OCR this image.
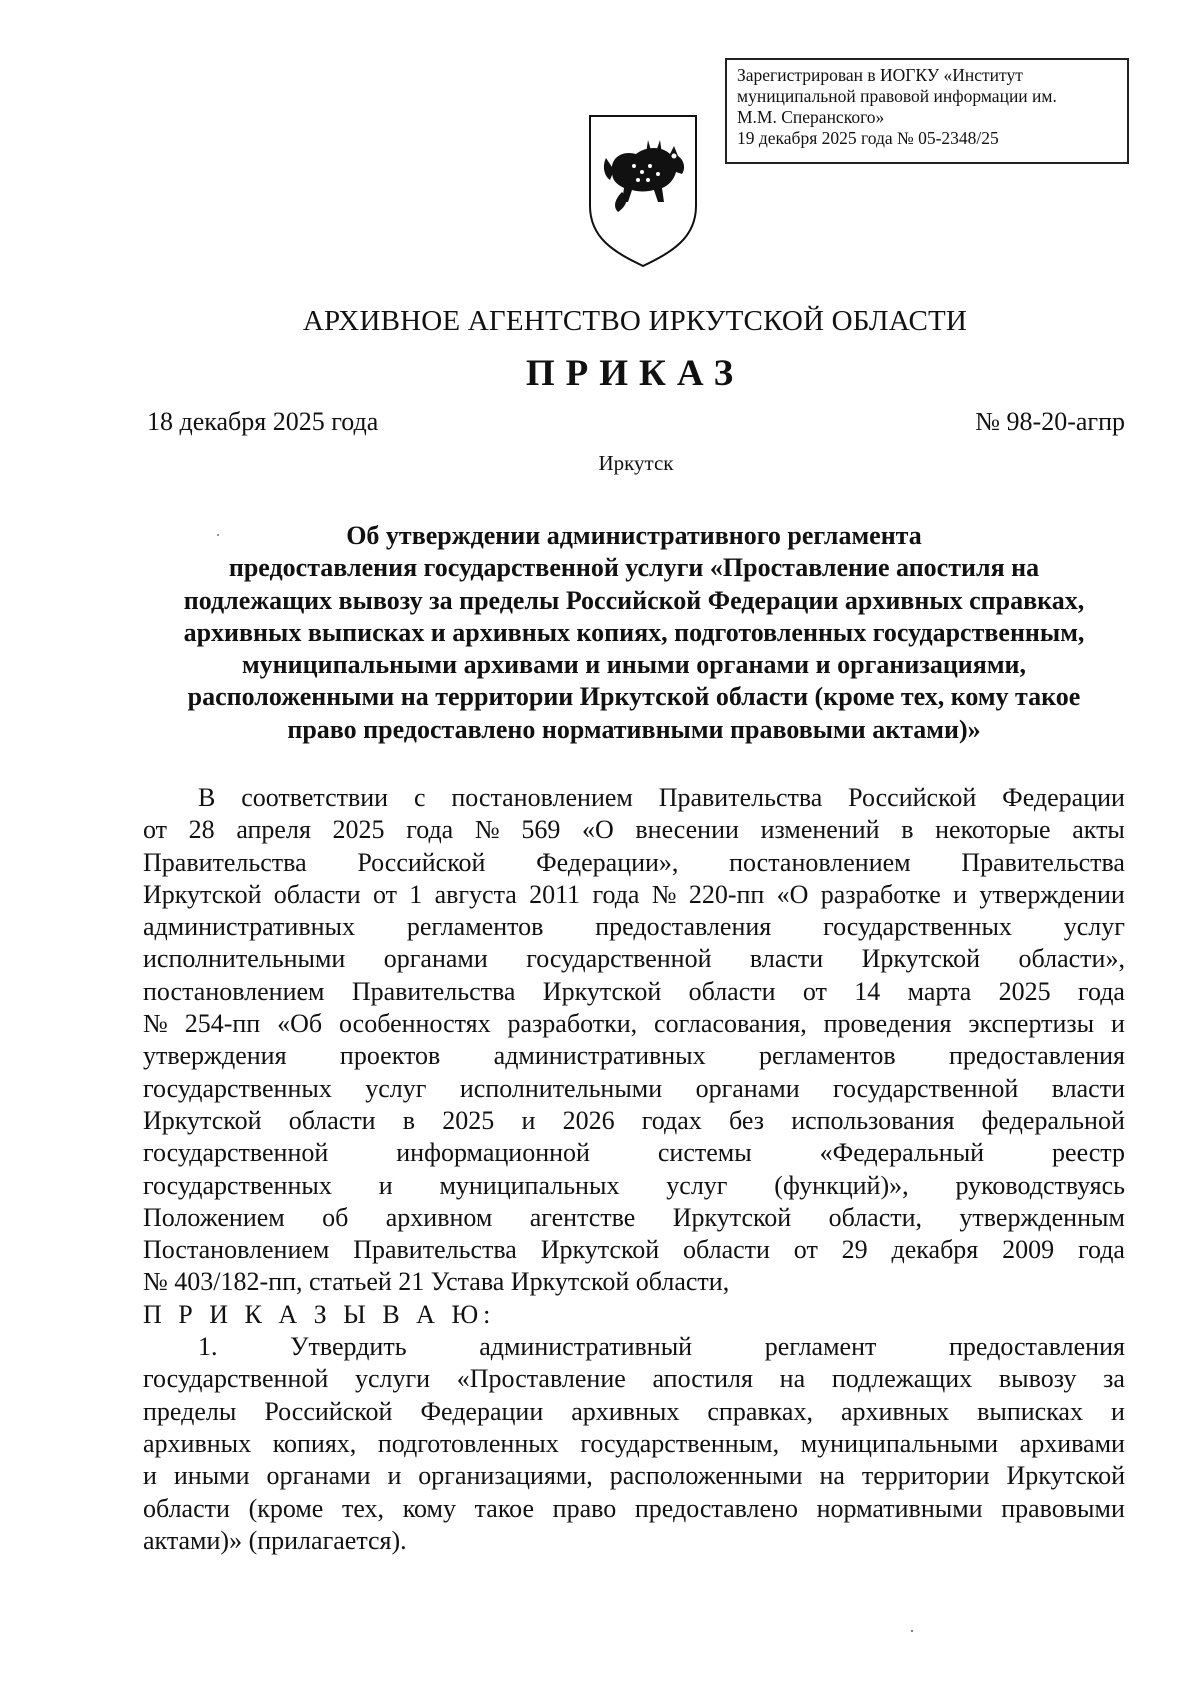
Зарегистрирован в ИОГКУ «Институт
муниципальной правовой информации им.
М.М. Сперанского»
19 декабря 2025 года № 05-2348/25
АРХИВНОЕ АГЕНТСТВО ИРКУТСКОЙ ОБЛАСТИ
ПРИКАЗ
18 декабря 2025 года	№ 98-20-агпр
Иркутск
Об утверждении административного регламента
предоставления государственной услуги «Проставление апостиля на
подлежащих вывозу за пределы Российской Федерации архивных справках,
архивных выписках и архивных копиях, подготовленных государственным,
муниципальными архивами и иными органами и организациями,
расположенными на территории Иркутской области (кроме тех, кому такое
право предоставлено нормативными правовыми актами)»
В соответствии с постановлением Правительства Российской Федерации
от 28 апреля 2025 года № 569 «О внесении изменений в некоторые акты
Правительства Российской Федерации», постановлением Правительства
Иркутской области от 1 августа 2011 года № 220-пп «О разработке и утверждении
административных регламентов предоставления государственных услуг
исполнительными органами государственной власти Иркутской области»,
постановлением Правительства Иркутской области от 14 марта 2025 года
№ 254-пп «Об особенностях разработки, согласования, проведения экспертизы и
утверждения проектов административных регламентов предоставления
государственных услуг исполнительными органами государственной власти
Иркутской области в 2025 и 2026 годах без использования федеральной
государственной	информационной	системы	«Федеральный	реестр
государственных и муниципальных услуг (функций)», руководствуясь
Положением об архивном агентстве Иркутской области, утвержденным
Постановлением Правительства Иркутской области от 29 декабря 2009 года
№ 403/182-пп, статьей 21 Устава Иркутской области,
П Р И К А З Ы В А Ю:
1.	Утвердить	административный	регламент	предоставления
государственной услуги «Проставление апостиля на подлежащих вывозу за
пределы Российской Федерации архивных справках, архивных выписках и
архивных копиях, подготовленных государственным, муниципальными архивами
и иными органами и организациями, расположенными на территории Иркутской
области (кроме тех, кому такое право предоставлено нормативными правовыми
актами)» (прилагается).
